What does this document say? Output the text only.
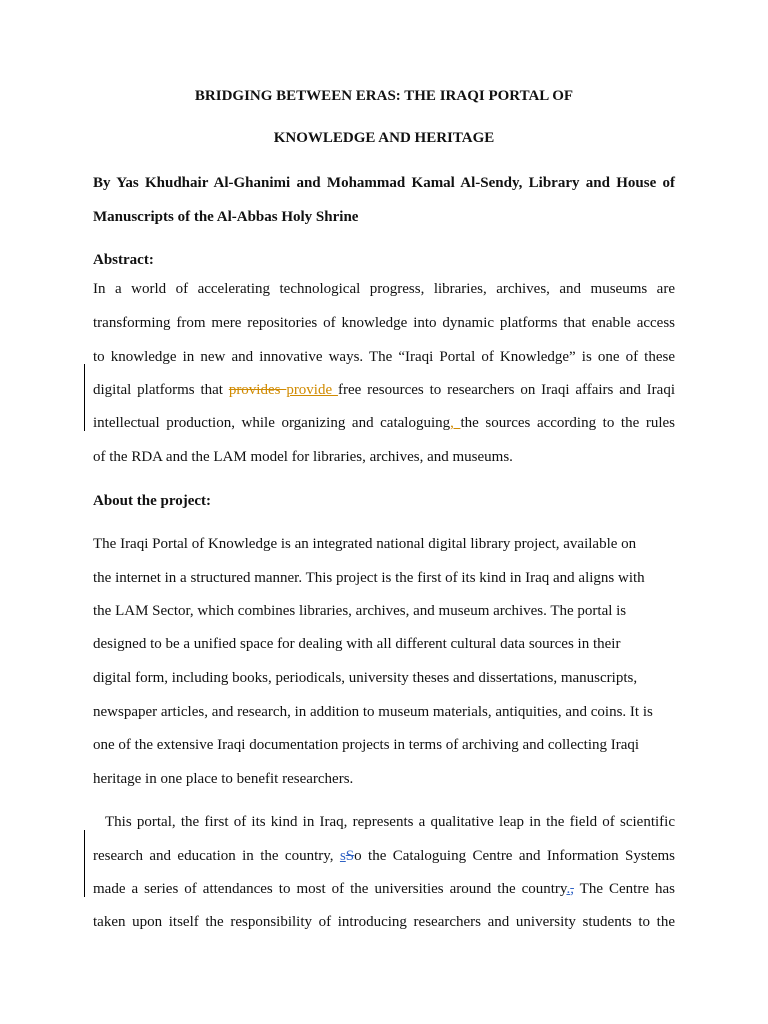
BRIDGING BETWEEN ERAS: THE IRAQI PORTAL OF

KNOWLEDGE AND HERITAGE

By Yas Khudhair Al-Ghanimi and Mohammad Kamal Al-Sendy, Library and House of

Manuscripts of the Al-Abbas Holy Shrine

Abstract:

In a world of accelerating technological progress, libraries, archives, and museums are

transforming from mere repositories of knowledge into dynamic platforms that enable access

to knowledge in new and innovative ways. The “Iraqi Portal of Knowledge” is one of these

digital platforms that provides provide free resources to researchers on Iraqi affairs and Iraqi

intellectual production, while organizing and cataloguing, the sources according to the rules

of the RDA and the LAM model for libraries, archives, and museums.

About the project:

The Iraqi Portal of Knowledge is an integrated national digital library project, available on

the internet in a structured manner. This project is the first of its kind in Iraq and aligns with

the LAM Sector, which combines libraries, archives, and museum archives. The portal is

designed to be a unified space for dealing with all different cultural data sources in their

digital form, including books, periodicals, university theses and dissertations, manuscripts,

newspaper articles, and research, in addition to museum materials, antiquities, and coins. It is

one of the extensive Iraqi documentation projects in terms of archiving and collecting Iraqi

heritage in one place to benefit researchers.

This portal, the first of its kind in Iraq, represents a qualitative leap in the field of scientific

research and education in the country, sSo the Cataloguing Centre and Information Systems

made a series of attendances to most of the universities around the country., The Centre has

taken upon itself the responsibility of introducing researchers and university students to the
